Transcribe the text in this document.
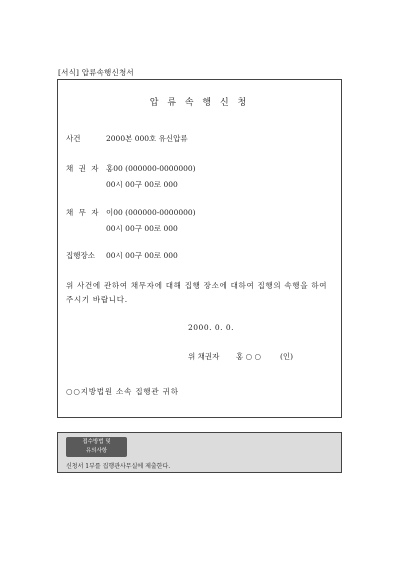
[서식] 압류속행신청서
압 류 속 행 신 청
사건	2000본 000호 유신압류
채 권 자 홍00 (000000-0000000)
00시 00구 00로 000
채 무 자 이00 (000000-0000000)
00시 00구 00로 000
집행장소 00시 00구 00로 000
위 사건에 관하여 채무자에 대해 집행 장소에 대하여 집행의 속행을 하여 주시기 바랍니다.
2000. 0. 0.
위 채권자 홍 ○ ○	(인)
○○지방법원 소속 집행관 귀하
접수방법 및
유의사항
신청서 1부를 집행관사무실에 제출한다.
